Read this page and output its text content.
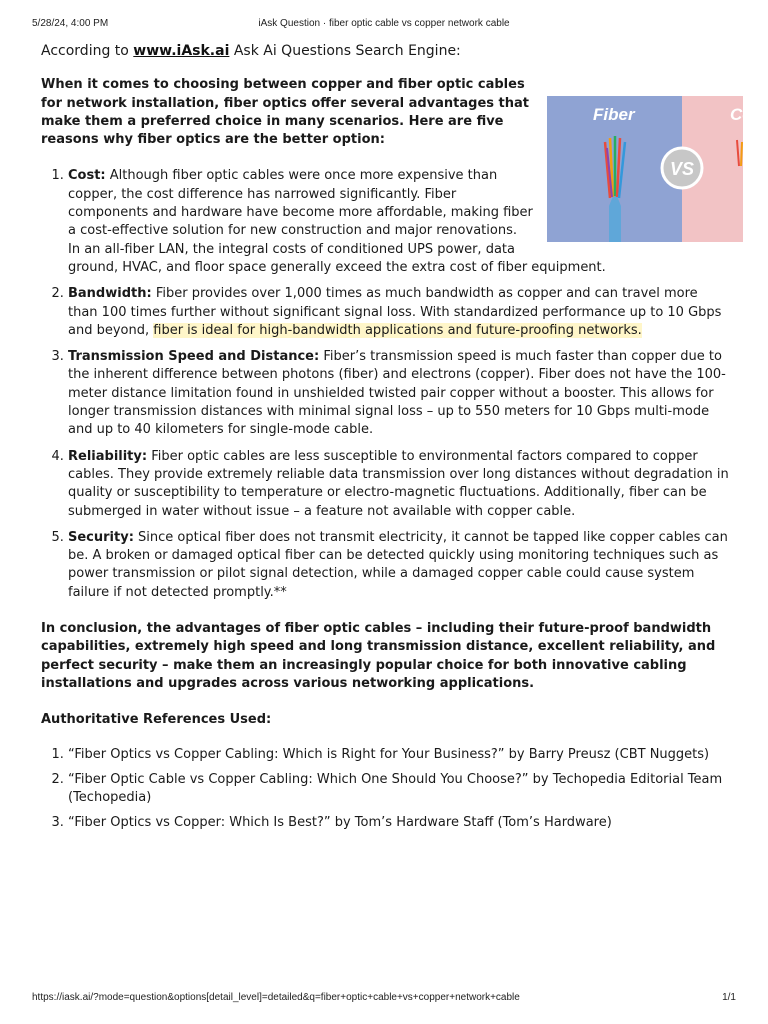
5/28/24, 4:00 PM	iAsk Question · fiber optic cable vs copper network cable

According to www.iAsk.ai Ask Ai Questions Search Engine:

Fiber	Co
VS

When it comes to choosing between copper and fiber optic cables for network installation, fiber optics offer several advantages that make them a preferred choice in many scenarios. Here are five reasons why fiber optics are the better option:

1. Cost: Although fiber optic cables were once more expensive than copper, the cost difference has narrowed significantly. Fiber components and hardware have become more affordable, making fiber a cost-effective solution for new construction and major renovations. In an all-fiber LAN, the integral costs of conditioned UPS power, data ground, HVAC, and floor space generally exceed the extra cost of fiber equipment.
2. Bandwidth: Fiber provides over 1,000 times as much bandwidth as copper and can travel more than 100 times further without significant signal loss. With standardized performance up to 10 Gbps and beyond, fiber is ideal for high-bandwidth applications and future-proofing networks.
3. Transmission Speed and Distance: Fiber’s transmission speed is much faster than copper due to the inherent difference between photons (fiber) and electrons (copper). Fiber does not have the 100-meter distance limitation found in unshielded twisted pair copper without a booster. This allows for longer transmission distances with minimal signal loss – up to 550 meters for 10 Gbps multi-mode and up to 40 kilometers for single-mode cable.
4. Reliability: Fiber optic cables are less susceptible to environmental factors compared to copper cables. They provide extremely reliable data transmission over long distances without degradation in quality or susceptibility to temperature or electro-magnetic fluctuations. Additionally, fiber can be submerged in water without issue – a feature not available with copper cable.
5. Security: Since optical fiber does not transmit electricity, it cannot be tapped like copper cables can be. A broken or damaged optical fiber can be detected quickly using monitoring techniques such as power transmission or pilot signal detection, while a damaged copper cable could cause system failure if not detected promptly.**

In conclusion, the advantages of fiber optic cables – including their future-proof bandwidth capabilities, extremely high speed and long transmission distance, excellent reliability, and perfect security – make them an increasingly popular choice for both innovative cabling installations and upgrades across various networking applications.

Authoritative References Used:

1. “Fiber Optics vs Copper Cabling: Which is Right for Your Business?” by Barry Preusz (CBT Nuggets)
2. “Fiber Optic Cable vs Copper Cabling: Which One Should You Choose?” by Techopedia Editorial Team (Techopedia)
3. “Fiber Optics vs Copper: Which Is Best?” by Tom’s Hardware Staff (Tom’s Hardware)
https://iask.ai/?mode=question&options[detail_level]=detailed&q=fiber+optic+cable+vs+copper+network+cable	1/1
